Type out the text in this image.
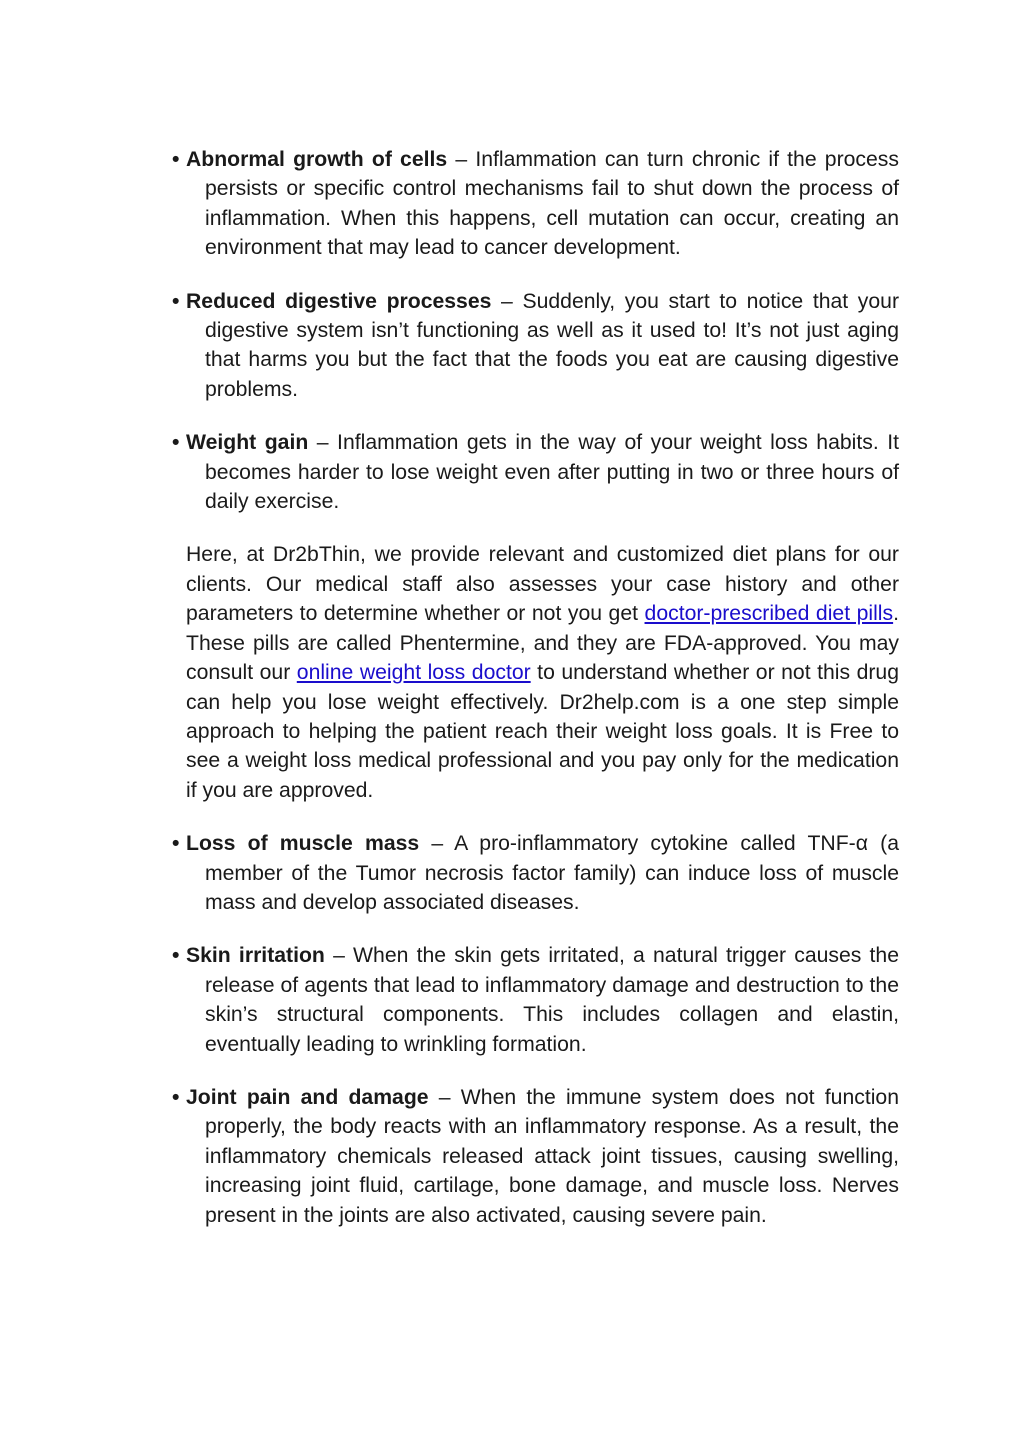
• Abnormal growth of cells – Inflammation can turn chronic if the process persists or specific control mechanisms fail to shut down the process of inflammation. When this happens, cell mutation can occur, creating an environment that may lead to cancer development.

• Reduced digestive processes – Suddenly, you start to notice that your digestive system isn’t functioning as well as it used to! It’s not just aging that harms you but the fact that the foods you eat are causing digestive problems.

• Weight gain – Inflammation gets in the way of your weight loss habits. It becomes harder to lose weight even after putting in two or three hours of daily exercise.

Here, at Dr2bThin, we provide relevant and customized diet plans for our clients. Our medical staff also assesses your case history and other parameters to determine whether or not you get doctor-prescribed diet pills. These pills are called Phentermine, and they are FDA-approved. You may consult our online weight loss doctor to understand whether or not this drug can help you lose weight effectively. Dr2help.com is a one step simple approach to helping the patient reach their weight loss goals. It is Free to see a weight loss medical professional and you pay only for the medication if you are approved.

• Loss of muscle mass – A pro-inflammatory cytokine called TNF-α (a member of the Tumor necrosis factor family) can induce loss of muscle mass and develop associated diseases.

• Skin irritation – When the skin gets irritated, a natural trigger causes the release of agents that lead to inflammatory damage and destruction to the skin’s structural components. This includes collagen and elastin, eventually leading to wrinkling formation.

• Joint pain and damage – When the immune system does not function properly, the body reacts with an inflammatory response. As a result, the inflammatory chemicals released attack joint tissues, causing swelling, increasing joint fluid, cartilage, bone damage, and muscle loss. Nerves present in the joints are also activated, causing severe pain.
